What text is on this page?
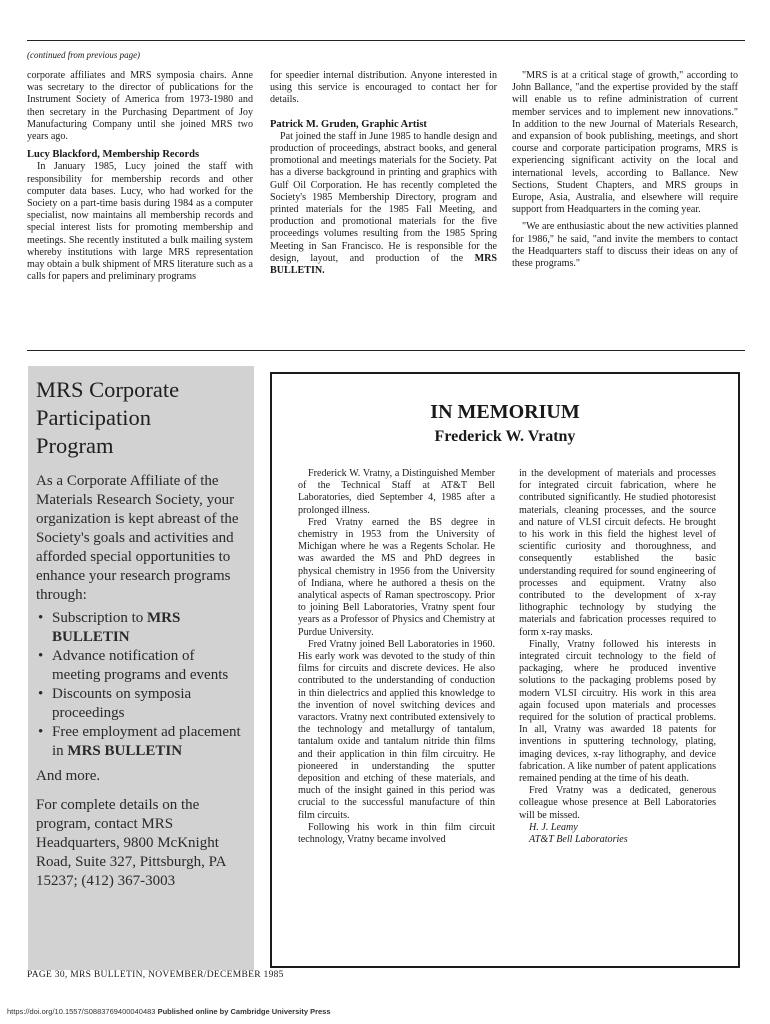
(continued from previous page)

corporate affiliates and MRS symposia chairs. Anne was secretary to the director of publications for the Instrument Society of America from 1973-1980 and then secretary in the Purchasing Department of Joy Manufacturing Company until she joined MRS two years ago.

Lucy Blackford, Membership Records

In January 1985, Lucy joined the staff with responsibility for membership records and other computer data bases. Lucy, who had worked for the Society on a part-time basis during 1984 as a computer specialist, now maintains all membership records and special interest lists for promoting membership and meetings. She recently instituted a bulk mailing system whereby institutions with large MRS representation may obtain a bulk shipment of MRS literature such as a calls for papers and preliminary programs

for speedier internal distribution. Anyone interested in using this service is encouraged to contact her for details.

Patrick M. Gruden, Graphic Artist

Pat joined the staff in June 1985 to handle design and production of proceedings, abstract books, and general promotional and meetings materials for the Society. Pat has a diverse background in printing and graphics with Gulf Oil Corporation. He has recently completed the Society's 1985 Membership Directory, program and printed materials for the 1985 Fall Meeting, and production and promotional materials for the five proceedings volumes resulting from the 1985 Spring Meeting in San Francisco. He is responsible for the design, layout, and production of the MRS BULLETIN.

"MRS is at a critical stage of growth," according to John Ballance, "and the expertise provided by the staff will enable us to refine administration of current member services and to implement new innovations." In addition to the new Journal of Materials Research, and expansion of book publishing, meetings, and short course and corporate participation programs, MRS is experiencing significant activity on the local and international levels, according to Ballance. New Sections, Student Chapters, and MRS groups in Europe, Asia, Australia, and elsewhere will require support from Headquarters in the coming year.

"We are enthusiastic about the new activities planned for 1986," he said, "and invite the members to contact the Headquarters staff to discuss their ideas on any of these programs."

MRS Corporate
Participation
Program

As a Corporate Affiliate of the Materials Research Society, your organization is kept abreast of the Society's goals and activities and afforded special opportunities to enhance your research programs through:

• Subscription to MRS BULLETIN
• Advance notification of meeting programs and events
• Discounts on symposia proceedings
• Free employment ad placement in MRS BULLETIN

And more.

For complete details on the program, contact MRS Headquarters, 9800 McKnight Road, Suite 327, Pittsburgh, PA 15237; (412) 367-3003

IN MEMORIUM
Frederick W. Vratny

Frederick W. Vratny, a Distinguished Member of the Technical Staff at AT&T Bell Laboratories, died September 4, 1985 after a prolonged illness.

Fred Vratny earned the BS degree in chemistry in 1953 from the University of Michigan where he was a Regents Scholar. He was awarded the MS and PhD degrees in physical chemistry in 1956 from the University of Indiana, where he authored a thesis on the analytical aspects of Raman spectroscopy. Prior to joining Bell Laboratories, Vratny spent four years as a Professor of Physics and Chemistry at Purdue University.

Fred Vratny joined Bell Laboratories in 1960. His early work was devoted to the study of thin films for circuits and discrete devices. He also contributed to the understanding of conduction in thin dielectrics and applied this knowledge to the invention of novel switching devices and varactors. Vratny next contributed extensively to the technology and metallurgy of tantalum, tantalum oxide and tantalum nitride thin films and their application in thin film circuitry. He pioneered in understanding the sputter deposition and etching of these materials, and much of the insight gained in this period was crucial to the successful manufacture of thin film circuits.

Following his work in thin film circuit technology, Vratny became involved

in the development of materials and processes for integrated circuit fabrication, where he contributed significantly. He studied photoresist materials, cleaning processes, and the source and nature of VLSI circuit defects. He brought to his work in this field the highest level of scientific curiosity and thoroughness, and consequently established the basic understanding required for sound engineering of processes and equipment. Vratny also contributed to the development of x-ray lithographic technology by studying the materials and fabrication processes required to form x-ray masks.

Finally, Vratny followed his interests in integrated circuit technology to the field of packaging, where he produced inventive solutions to the packaging problems posed by modern VLSI circuitry. His work in this area again focused upon materials and processes required for the solution of practical problems. In all, Vratny was awarded 18 patents for inventions in sputtering technology, plating, imaging devices, x-ray lithography, and device fabrication. A like number of patent applications remained pending at the time of his death.

Fred Vratny was a dedicated, generous colleague whose presence at Bell Laboratories will be missed.

H. J. Leamy

AT&T Bell Laboratories

PAGE 30, MRS BULLETIN, NOVEMBER/DECEMBER 1985
https://doi.org/10.1557/S0883769400040483 Published online by Cambridge University Press
